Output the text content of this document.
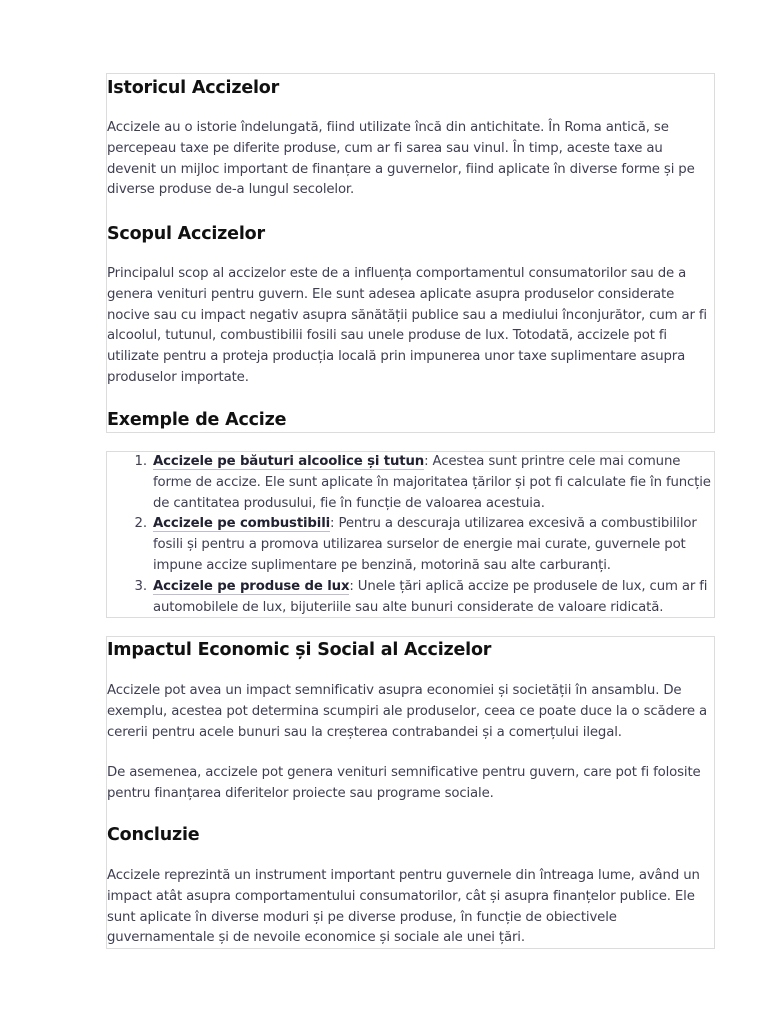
Istoricul Accizelor

Accizele au o istorie îndelungată, fiind utilizate încă din antichitate. În Roma antică, se percepeau taxe pe diferite produse, cum ar fi sarea sau vinul. În timp, aceste taxe au devenit un mijloc important de finanțare a guvernelor, fiind aplicate în diverse forme și pe diverse produse de-a lungul secolelor.

Scopul Accizelor

Principalul scop al accizelor este de a influența comportamentul consumatorilor sau de a genera venituri pentru guvern. Ele sunt adesea aplicate asupra produselor considerate nocive sau cu impact negativ asupra sănătății publice sau a mediului înconjurător, cum ar fi alcoolul, tutunul, combustibilii fosili sau unele produse de lux. Totodată, accizele pot fi utilizate pentru a proteja producția locală prin impunerea unor taxe suplimentare asupra produselor importate.

Exemple de Accize
1. Accizele pe băuturi alcoolice și tutun: Acestea sunt printre cele mai comune forme de accize. Ele sunt aplicate în majoritatea țărilor și pot fi calculate fie în funcție de cantitatea produsului, fie în funcție de valoarea acestuia.
2. Accizele pe combustibili: Pentru a descuraja utilizarea excesivă a combustibililor fosili și pentru a promova utilizarea surselor de energie mai curate, guvernele pot impune accize suplimentare pe benzină, motorină sau alte carburanți.
3. Accizele pe produse de lux: Unele țări aplică accize pe produsele de lux, cum ar fi automobilele de lux, bijuteriile sau alte bunuri considerate de valoare ridicată.
Impactul Economic și Social al Accizelor

Accizele pot avea un impact semnificativ asupra economiei și societății în ansamblu. De exemplu, acestea pot determina scumpiri ale produselor, ceea ce poate duce la o scădere a cererii pentru acele bunuri sau la creșterea contrabandei și a comerțului ilegal.

De asemenea, accizele pot genera venituri semnificative pentru guvern, care pot fi folosite pentru finanțarea diferitelor proiecte sau programe sociale.

Concluzie

Accizele reprezintă un instrument important pentru guvernele din întreaga lume, având un impact atât asupra comportamentului consumatorilor, cât și asupra finanțelor publice. Ele sunt aplicate în diverse moduri și pe diverse produse, în funcție de obiectivele guvernamentale și de nevoile economice și sociale ale unei țări.
